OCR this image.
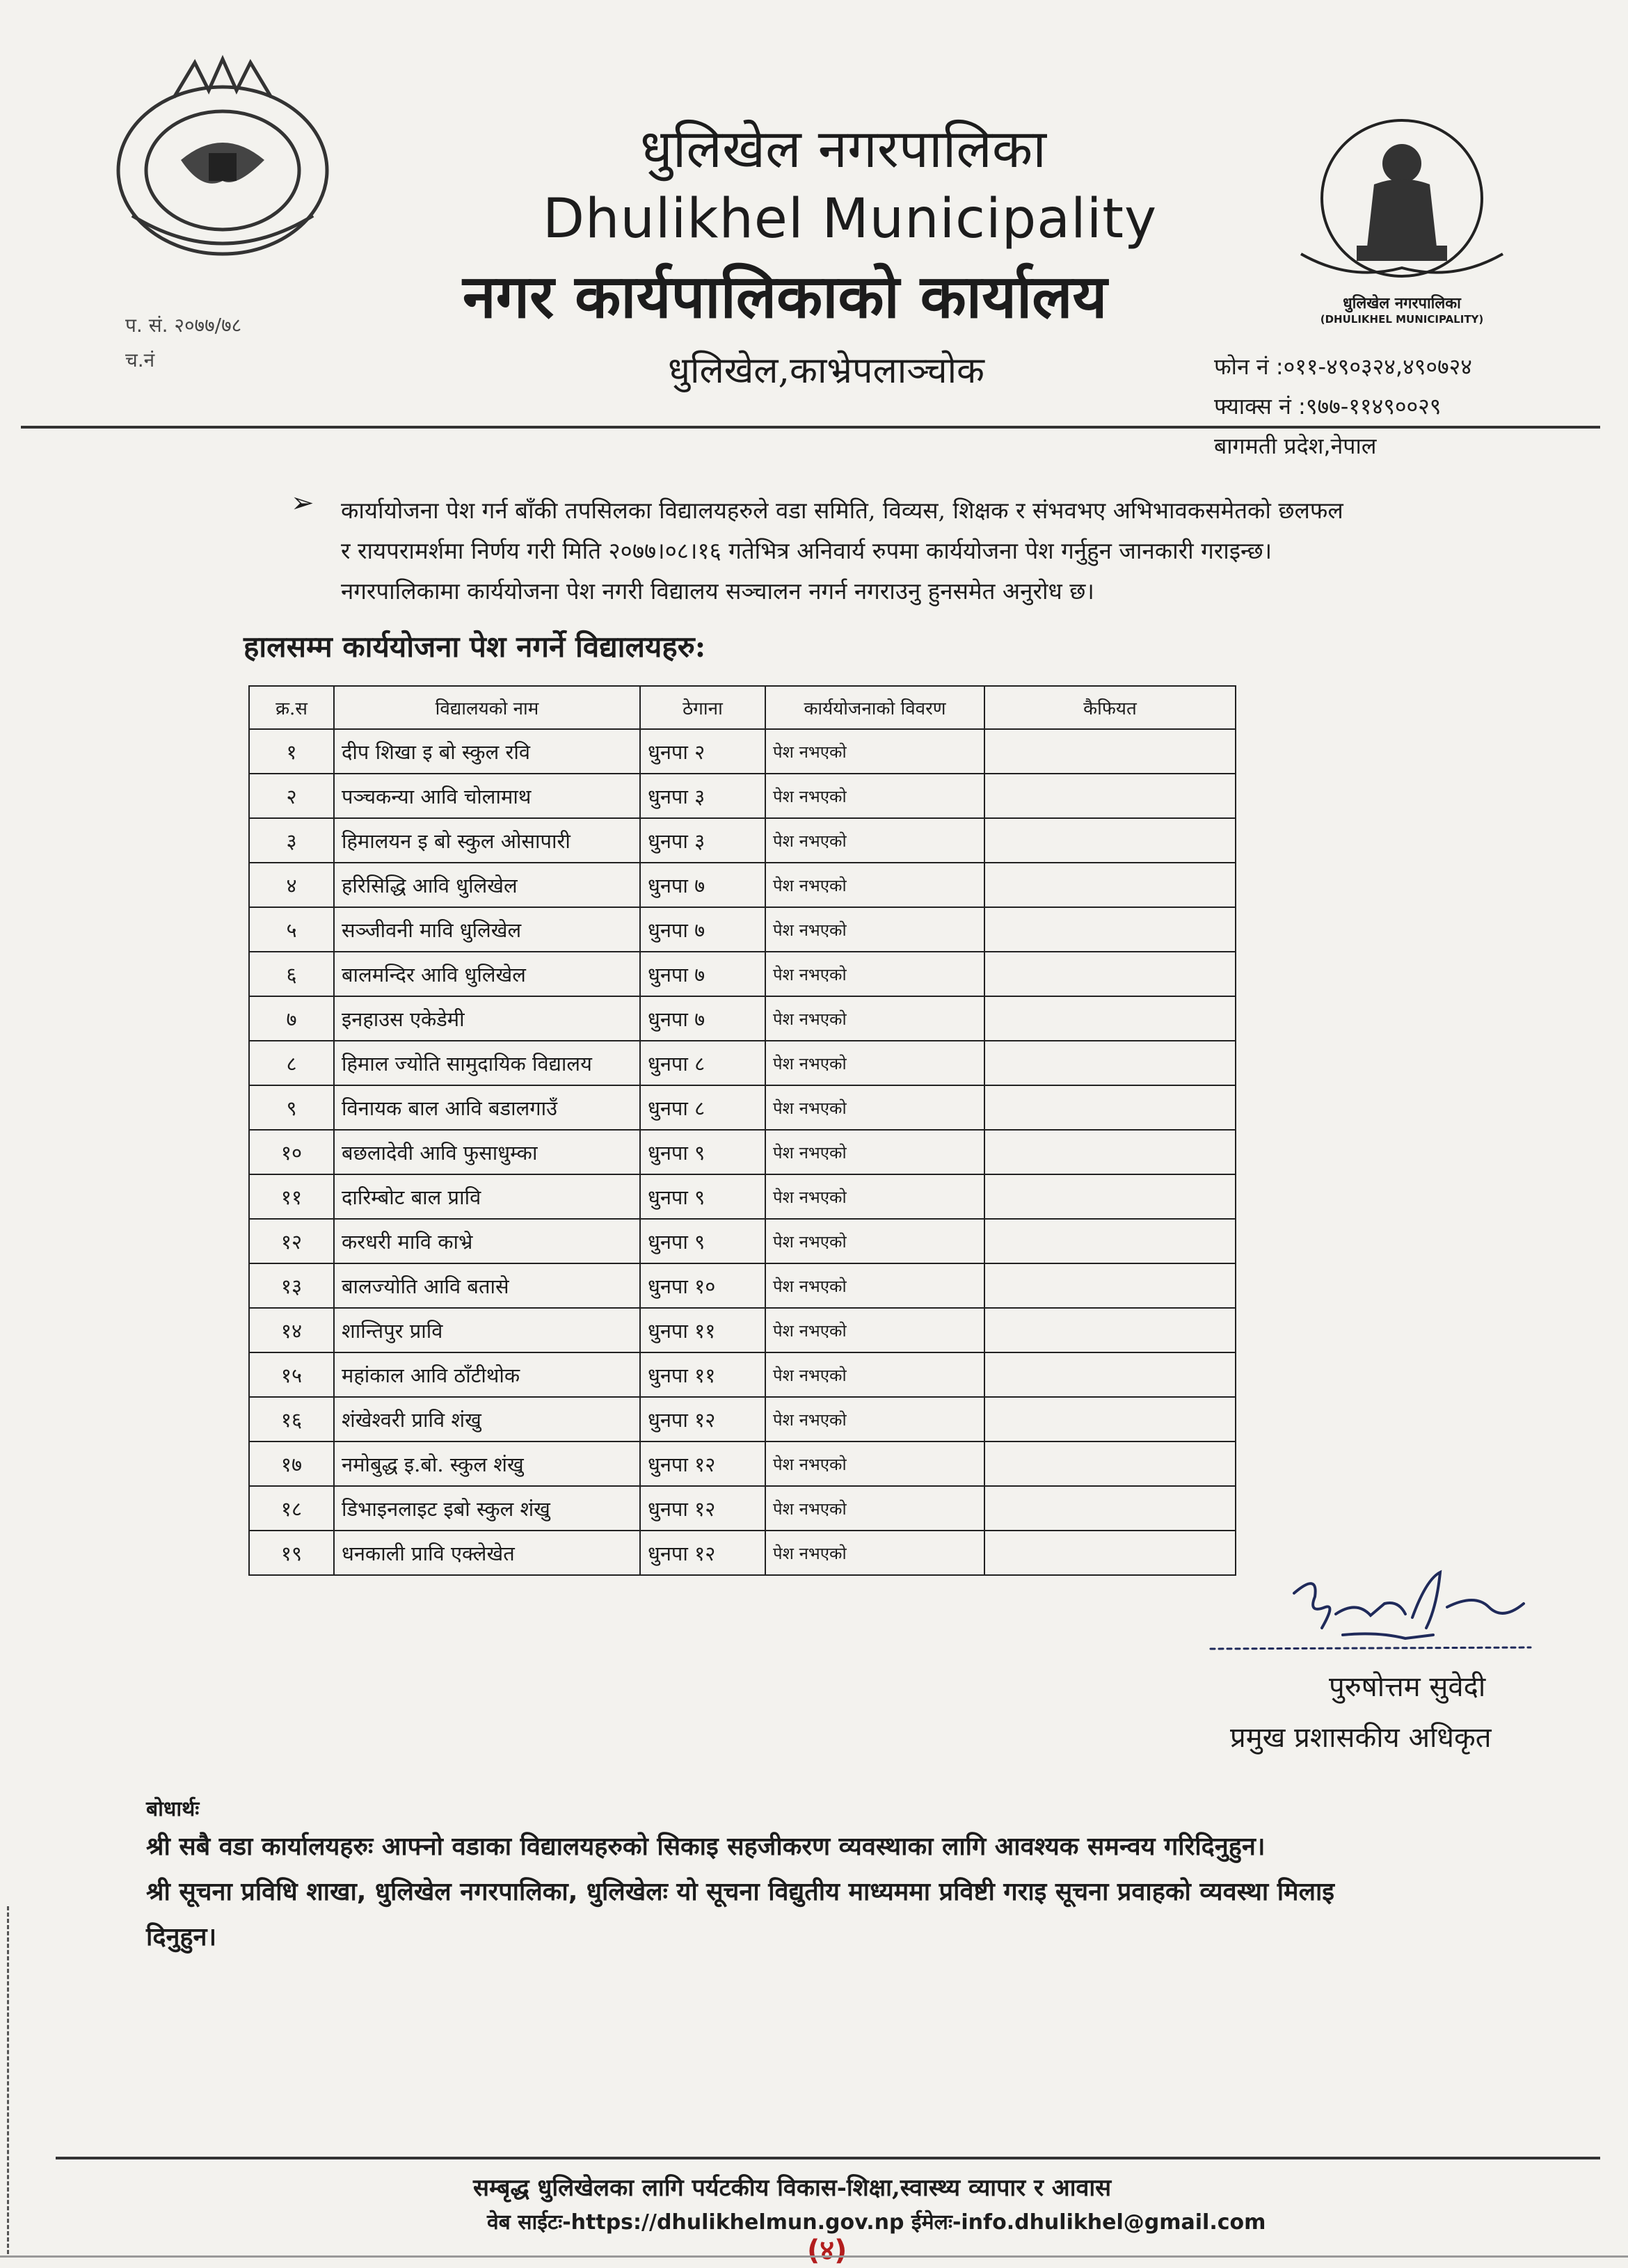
धुलिखेल नगरपालिका
(DHULIKHEL MUNICIPALITY)
धुलिखेल नगरपालिका
Dhulikhel Municipality
नगर कार्यपालिकाको कार्यालय
धुलिखेल,काभ्रेपलाञ्चोक
प. सं. २०७७/७८
च.नं	फोन नं :०११-४९०३२४,४९०७२४
फ्याक्स नं :९७७-११४९००२९
बागमती प्रदेश,नेपाल
➢ कार्यायोजना पेश गर्न बाँकी तपसिलका विद्यालयहरुले वडा समिति, विव्यस, शिक्षक र संभवभए अभिभावकसमेतको छलफल
र रायपरामर्शमा निर्णय गरी मिति २०७७।०८।१६ गतेभित्र अनिवार्य रुपमा कार्ययोजना पेश गर्नुहुन जानकारी गराइन्छ।
नगरपालिकामा कार्ययोजना पेश नगरी विद्यालय सञ्चालन नगर्न नगराउनु हुनसमेत अनुरोध छ।
हालसम्म कार्ययोजना पेश नगर्ने विद्यालयहरु:
क्र.स	विद्यालयको नाम	ठेगाना	कार्ययोजनाको विवरण	कैफियत
१	दीप शिखा इ बो स्कुल रवि	धुनपा २	पेश नभएको	
२	पञ्चकन्या आवि चोलामाथ	धुनपा ३	पेश नभएको	
३	हिमालयन इ बो स्कुल ओसापारी	धुनपा ३	पेश नभएको	
४	हरिसिद्धि आवि धुलिखेल	धुनपा ७	पेश नभएको	
५	सञ्जीवनी मावि धुलिखेल	धुनपा ७	पेश नभएको	
६	बालमन्दिर आवि धुलिखेल	धुनपा ७	पेश नभएको	
७	इनहाउस एकेडेमी	धुनपा ७	पेश नभएको	
८	हिमाल ज्योति सामुदायिक विद्यालय	धुनपा ८	पेश नभएको	
९	विनायक बाल आवि बडालगाउँ	धुनपा ८	पेश नभएको	
१०	बछलादेवी आवि फुसाधुम्का	धुनपा ९	पेश नभएको	
११	दारिम्बोट बाल प्रावि	धुनपा ९	पेश नभएको	
१२	करधरी मावि काभ्रे	धुनपा ९	पेश नभएको	
१३	बालज्योति आवि बतासे	धुनपा १०	पेश नभएको	
१४	शान्तिपुर प्रावि	धुनपा ११	पेश नभएको	
१५	महांकाल आवि ठाँटीथोक	धुनपा ११	पेश नभएको	
१६	शंखेश्वरी प्रावि शंखु	धुनपा १२	पेश नभएको	
१७	नमोबुद्ध इ.बो. स्कुल शंखु	धुनपा १२	पेश नभएको	
१८	डिभाइनलाइट इबो स्कुल शंखु	धुनपा १२	पेश नभएको	
१९	धनकाली प्रावि एक्लेखेत	धुनपा १२	पेश नभएको	
पुरुषोत्तम सुवेदी
प्रमुख प्रशासकीय अधिकृत
बोधार्थः
श्री सबै वडा कार्यालयहरुः आफ्नो वडाका विद्यालयहरुको सिकाइ सहजीकरण व्यवस्थाका लागि आवश्यक समन्वय गरिदिनुहुन।
श्री सूचना प्रविधि शाखा, धुलिखेल नगरपालिका, धुलिखेलः यो सूचना विद्युतीय माध्यममा प्रविष्टी गराइ सूचना प्रवाहको व्यवस्था मिलाइ
दिनुहुन।
सम्बृद्ध धुलिखेलका लागि पर्यटकीय विकास-शिक्षा,स्वास्थ्य व्यापार र आवास
वेब साईटः-https://dhulikhelmun.gov.np ईमेलः-info.dhulikhel@gmail.com
(४)
